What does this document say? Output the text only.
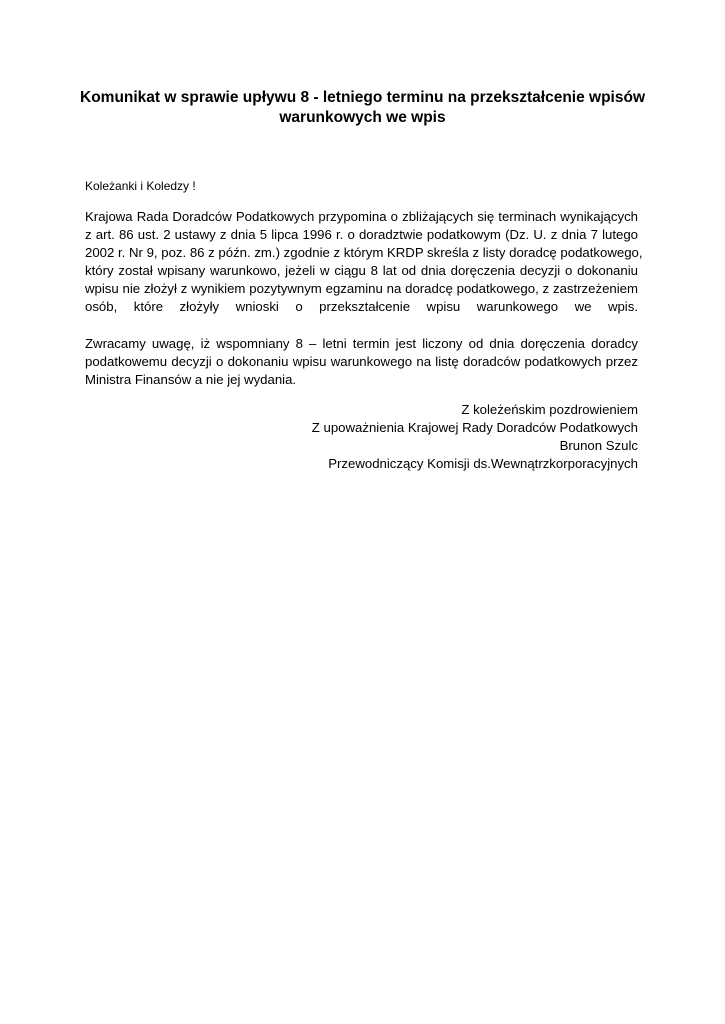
Komunikat w sprawie upływu 8 - letniego terminu na przekształcenie wpisów
warunkowych we wpis
Koleżanki i Koledzy !
Krajowa Rada Doradców Podatkowych przypomina o zbliżających się terminach wynikających
z art. 86 ust. 2 ustawy z dnia 5 lipca 1996 r. o doradztwie podatkowym (Dz. U. z dnia 7 lutego
2002 r. Nr 9, poz. 86 z późn. zm.) zgodnie z którym KRDP skreśla z listy doradcę podatkowego,
który został wpisany warunkowo, jeżeli w ciągu 8 lat od dnia doręczenia decyzji o dokonaniu
wpisu nie złożył z wynikiem pozytywnym egzaminu na doradcę podatkowego, z zastrzeżeniem
osób, które złożyły wnioski o przekształcenie wpisu warunkowego we wpis.
Zwracamy uwagę, iż wspomniany 8 – letni termin jest liczony od dnia doręczenia doradcy
podatkowemu decyzji o dokonaniu wpisu warunkowego na listę doradców podatkowych przez
Ministra Finansów a nie jej wydania.
Z koleżeńskim pozdrowieniem
Z upoważnienia Krajowej Rady Doradców Podatkowych
Brunon Szulc
Przewodniczący Komisji ds.Wewnątrzkorporacyjnych
